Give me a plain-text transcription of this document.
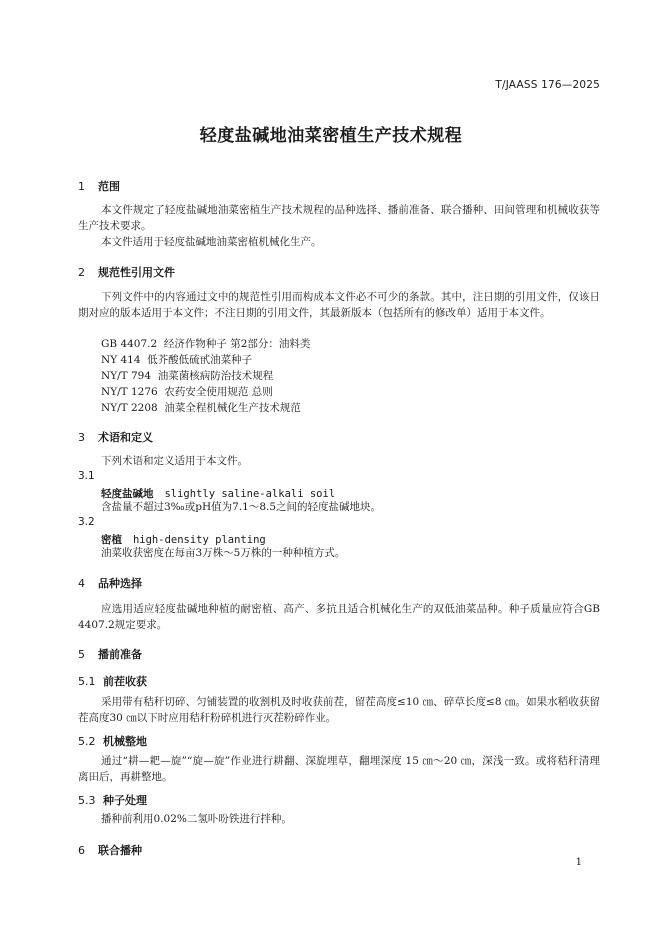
T/JAASS 176—2025
轻度盐碱地油菜密植生产技术规程
1 范围
本文件规定了轻度盐碱地油菜密植生产技术规程的品种选择、播前准备、联合播种、田间管理和机械收获等生产技术要求。
本文件适用于轻度盐碱地油菜密植机械化生产。
2 规范性引用文件
下列文件中的内容通过文中的规范性引用而构成本文件必不可少的条款。其中，注日期的引用文件，仅该日期对应的版本适用于本文件；不注日期的引用文件，其最新版本（包括所有的修改单）适用于本文件。
GB 4407.2  经济作物种子 第2部分：油料类
NY 414  低芥酸低硫甙油菜种子
NY/T 794  油菜菌核病防治技术规程
NY/T 1276  农药安全使用规范 总则
NY/T 2208  油菜全程机械化生产技术规范
3 术语和定义
下列术语和定义适用于本文件。
3.1
轻度盐碱地 slightly saline-alkali soil
含盐量不超过3‰或pH值为7.1～8.5之间的轻度盐碱地块。
3.2
密植 high-density planting
油菜收获密度在每亩3万株～5万株的一种种植方式。
4 品种选择
应选用适应轻度盐碱地种植的耐密植、高产、多抗且适合机械化生产的双低油菜品种。种子质量应符合GB 4407.2规定要求。
5 播前准备
5.1 前茬收获
采用带有秸秆切碎、匀铺装置的收割机及时收获前茬，留茬高度≤10 ㎝、碎草长度≤8 ㎝。如果水稻收获留茬高度30 ㎝以下时应用秸秆粉碎机进行灭茬粉碎作业。
5.2 机械整地
通过“耕—耙—旋”“旋—旋”作业进行耕翻、深旋埋草，翻埋深度 15 ㎝～20 ㎝，深浅一致。或将秸秆清理离田后，再耕整地。
5.3 种子处理
播种前利用0.02%二氢卟吩铁进行拌种。
6 联合播种
1
